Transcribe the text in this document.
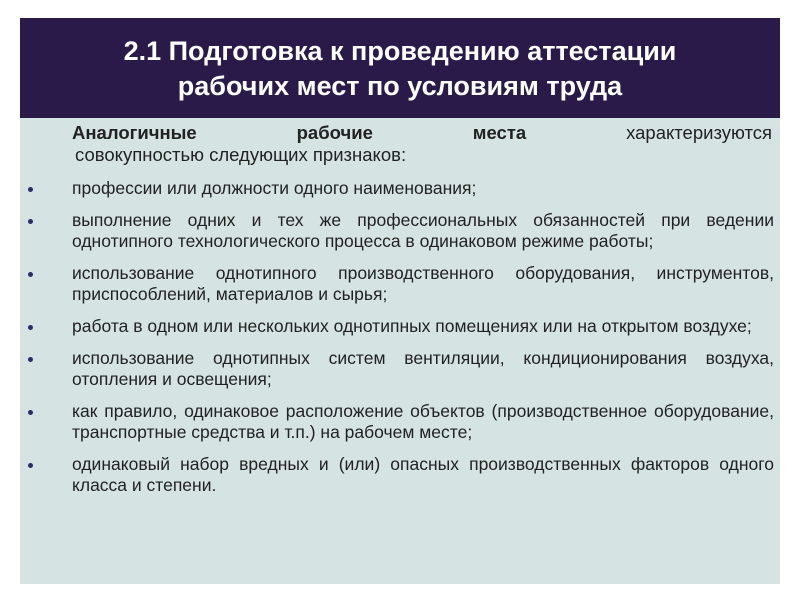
2.1 Подготовка к проведению аттестации
рабочих мест по условиям труда
Аналогичные	рабочие	места	характеризуются
совокупностью следующих признаков:
профессии или должности одного наименования;
выполнение одних и тех же профессиональных обязанностей при ведении однотипного технологического процесса в одинаковом режиме работы;
использование однотипного производственного оборудования, инструментов, приспособлений, материалов и сырья;
работа в одном или нескольких однотипных помещениях или на открытом воздухе;
использование однотипных систем вентиляции, кондиционирования воздуха, отопления и освещения;
как правило, одинаковое расположение объектов (производственное оборудование, транспортные средства и т.п.) на рабочем месте;
одинаковый набор вредных и (или) опасных производственных факторов одного класса и степени.
